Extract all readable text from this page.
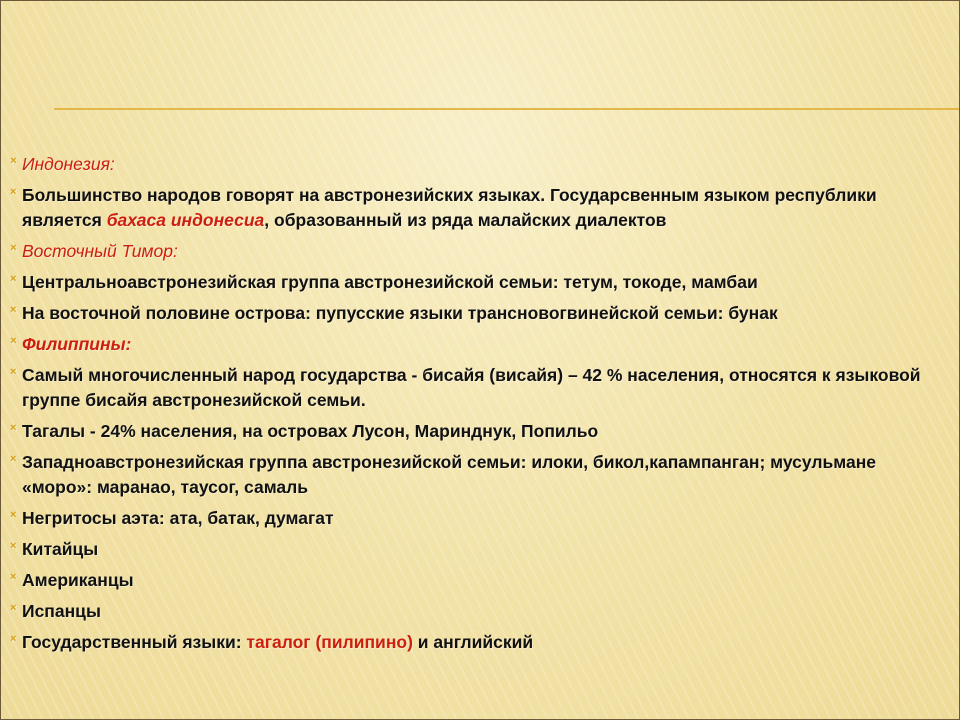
× Индонезия:
× Большинство народов говорят на австронезийских языках. Государсвенным языком республики является бахаса индонесиа, образованный из ряда малайских диалектов
× Восточный Тимор:
× Центральноавстронезийская группа австронезийской семьи: тетум, токоде, мамбаи
× На восточной половине острова: пупусские языки трансновогвинейской семьи: бунак
× Филиппины:
× Самый многочисленный народ государства - бисайя (висайя) – 42 % населения, относятся к языковой группе бисайя австронезийской семьи.
× Тагалы - 24% населения, на островах Лусон, Маринднук, Попильо
× Западноавстронезийская группа австронезийской семьи: илоки, бикол,капампанган; мусульмане «моро»: маранао, таусог, самаль
× Негритосы аэта: ата, батак, думагат
× Китайцы
× Американцы
× Испанцы
× Государственный языки: тагалог (пилипино) и английский
